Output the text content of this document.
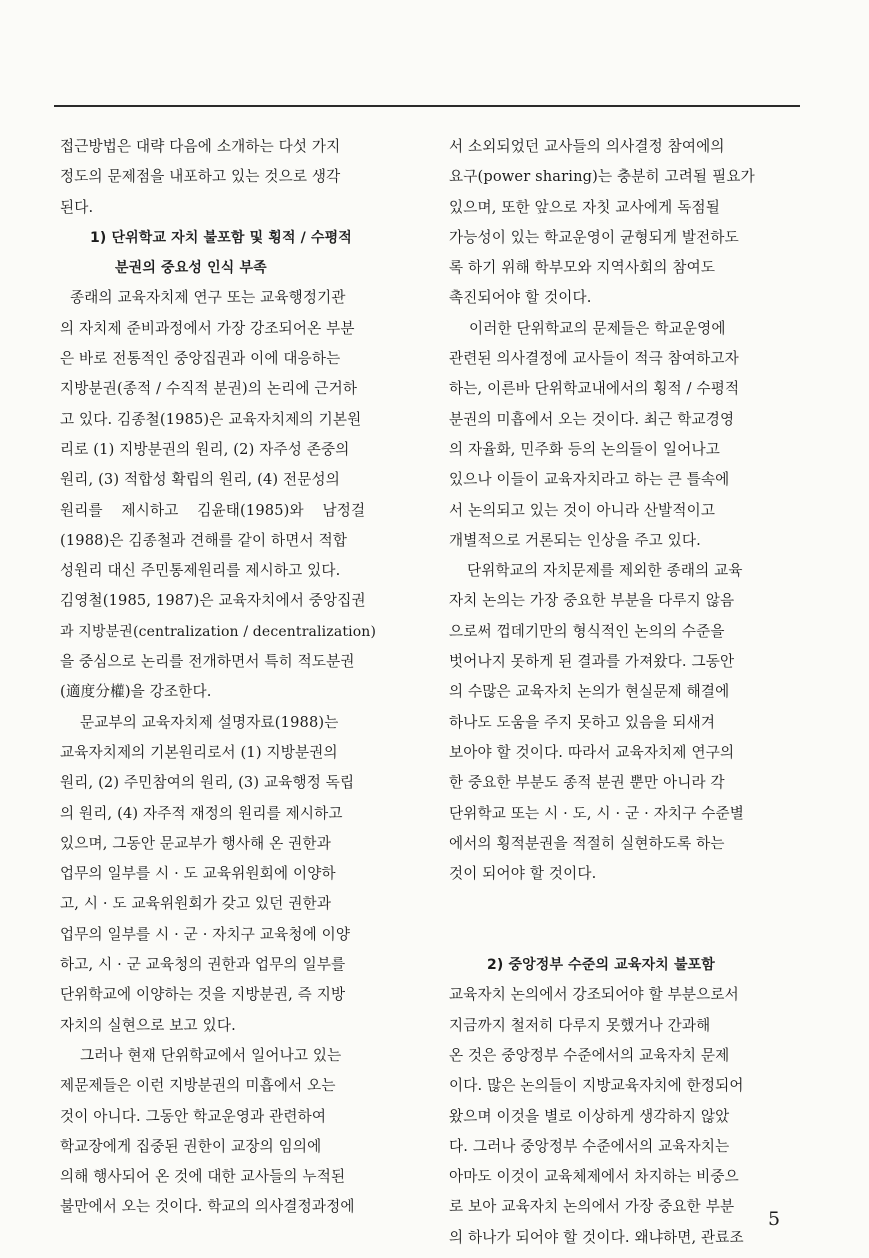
접근방법은 대략 다음에 소개하는 다섯 가지
정도의 문제점을 내포하고 있는 것으로 생각
된다.
1) 단위학교 자치 불포함 및 횡적 / 수평적
분권의 중요성 인식 부족
종래의 교육자치제 연구 또는 교육행정기관
의 자치제 준비과정에서 가장 강조되어온 부분
은 바로 전통적인 중앙집권과 이에 대응하는
지방분권(종적 / 수직적 분권)의 논리에 근거하
고 있다. 김종철(1985)은 교육자치제의 기본원
리로 (1) 지방분권의 원리, (2) 자주성 존중의
원리, (3) 적합성 확립의 원리, (4) 전문성의
원리를 제시하고 김윤태(1985)와 남정걸
(1988)은 김종철과 견해를 같이 하면서 적합
성원리 대신 주민통제원리를 제시하고 있다.
김영철(1985, 1987)은 교육자치에서 중앙집권
과 지방분권(centralization / decentralization)
을 중심으로 논리를 전개하면서 특히 적도분권
(適度分權)을 강조한다.
문교부의 교육자치제 설명자료(1988)는
교육자치제의 기본원리로서 (1) 지방분권의
원리, (2) 주민참여의 원리, (3) 교육행정 독립
의 원리, (4) 자주적 재정의 원리를 제시하고
있으며, 그동안 문교부가 행사해 온 권한과
업무의 일부를 시 · 도 교육위원회에 이양하
고, 시 · 도 교육위원회가 갖고 있던 권한과
업무의 일부를 시 · 군 · 자치구 교육청에 이양
하고, 시 · 군 교육청의 권한과 업무의 일부를
단위학교에 이양하는 것을 지방분권, 즉 지방
자치의 실현으로 보고 있다.
그러나 현재 단위학교에서 일어나고 있는
제문제들은 이런 지방분권의 미흡에서 오는
것이 아니다. 그동안 학교운영과 관련하여
학교장에게 집중된 권한이 교장의 임의에
의해 행사되어 온 것에 대한 교사들의 누적된
불만에서 오는 것이다. 학교의 의사결정과정에
서 소외되었던 교사들의 의사결정 참여에의
요구(power sharing)는 충분히 고려될 필요가
있으며, 또한 앞으로 자칫 교사에게 독점될
가능성이 있는 학교운영이 균형되게 발전하도
록 하기 위해 학부모와 지역사회의 참여도
촉진되어야 할 것이다.
이러한 단위학교의 문제들은 학교운영에
관련된 의사결정에 교사들이 적극 참여하고자
하는, 이른바 단위학교내에서의 횡적 / 수평적
분권의 미흡에서 오는 것이다. 최근 학교경영
의 자율화, 민주화 등의 논의들이 일어나고
있으나 이들이 교육자치라고 하는 큰 틀속에
서 논의되고 있는 것이 아니라 산발적이고
개별적으로 거론되는 인상을 주고 있다.
단위학교의 자치문제를 제외한 종래의 교육
자치 논의는 가장 중요한 부분을 다루지 않음
으로써 껍데기만의 형식적인 논의의 수준을
벗어나지 못하게 된 결과를 가져왔다. 그동안
의 수많은 교육자치 논의가 현실문제 해결에
하나도 도움을 주지 못하고 있음을 되새겨
보아야 할 것이다. 따라서 교육자치제 연구의
한 중요한 부분도 종적 분권 뿐만 아니라 각
단위학교 또는 시 · 도, 시 · 군 · 자치구 수준별
에서의 횡적분권을 적절히 실현하도록 하는
것이 되어야 할 것이다.
2) 중앙정부 수준의 교육자치 불포함
교육자치 논의에서 강조되어야 할 부분으로서
지금까지 철저히 다루지 못했거나 간과해
온 것은 중앙정부 수준에서의 교육자치 문제
이다. 많은 논의들이 지방교육자치에 한정되어
왔으며 이것을 별로 이상하게 생각하지 않았
다. 그러나 중앙정부 수준에서의 교육자치는
아마도 이것이 교육체제에서 차지하는 비중으
로 보아 교육자치 논의에서 가장 중요한 부분
의 하나가 되어야 할 것이다. 왜냐하면, 관료조
5
